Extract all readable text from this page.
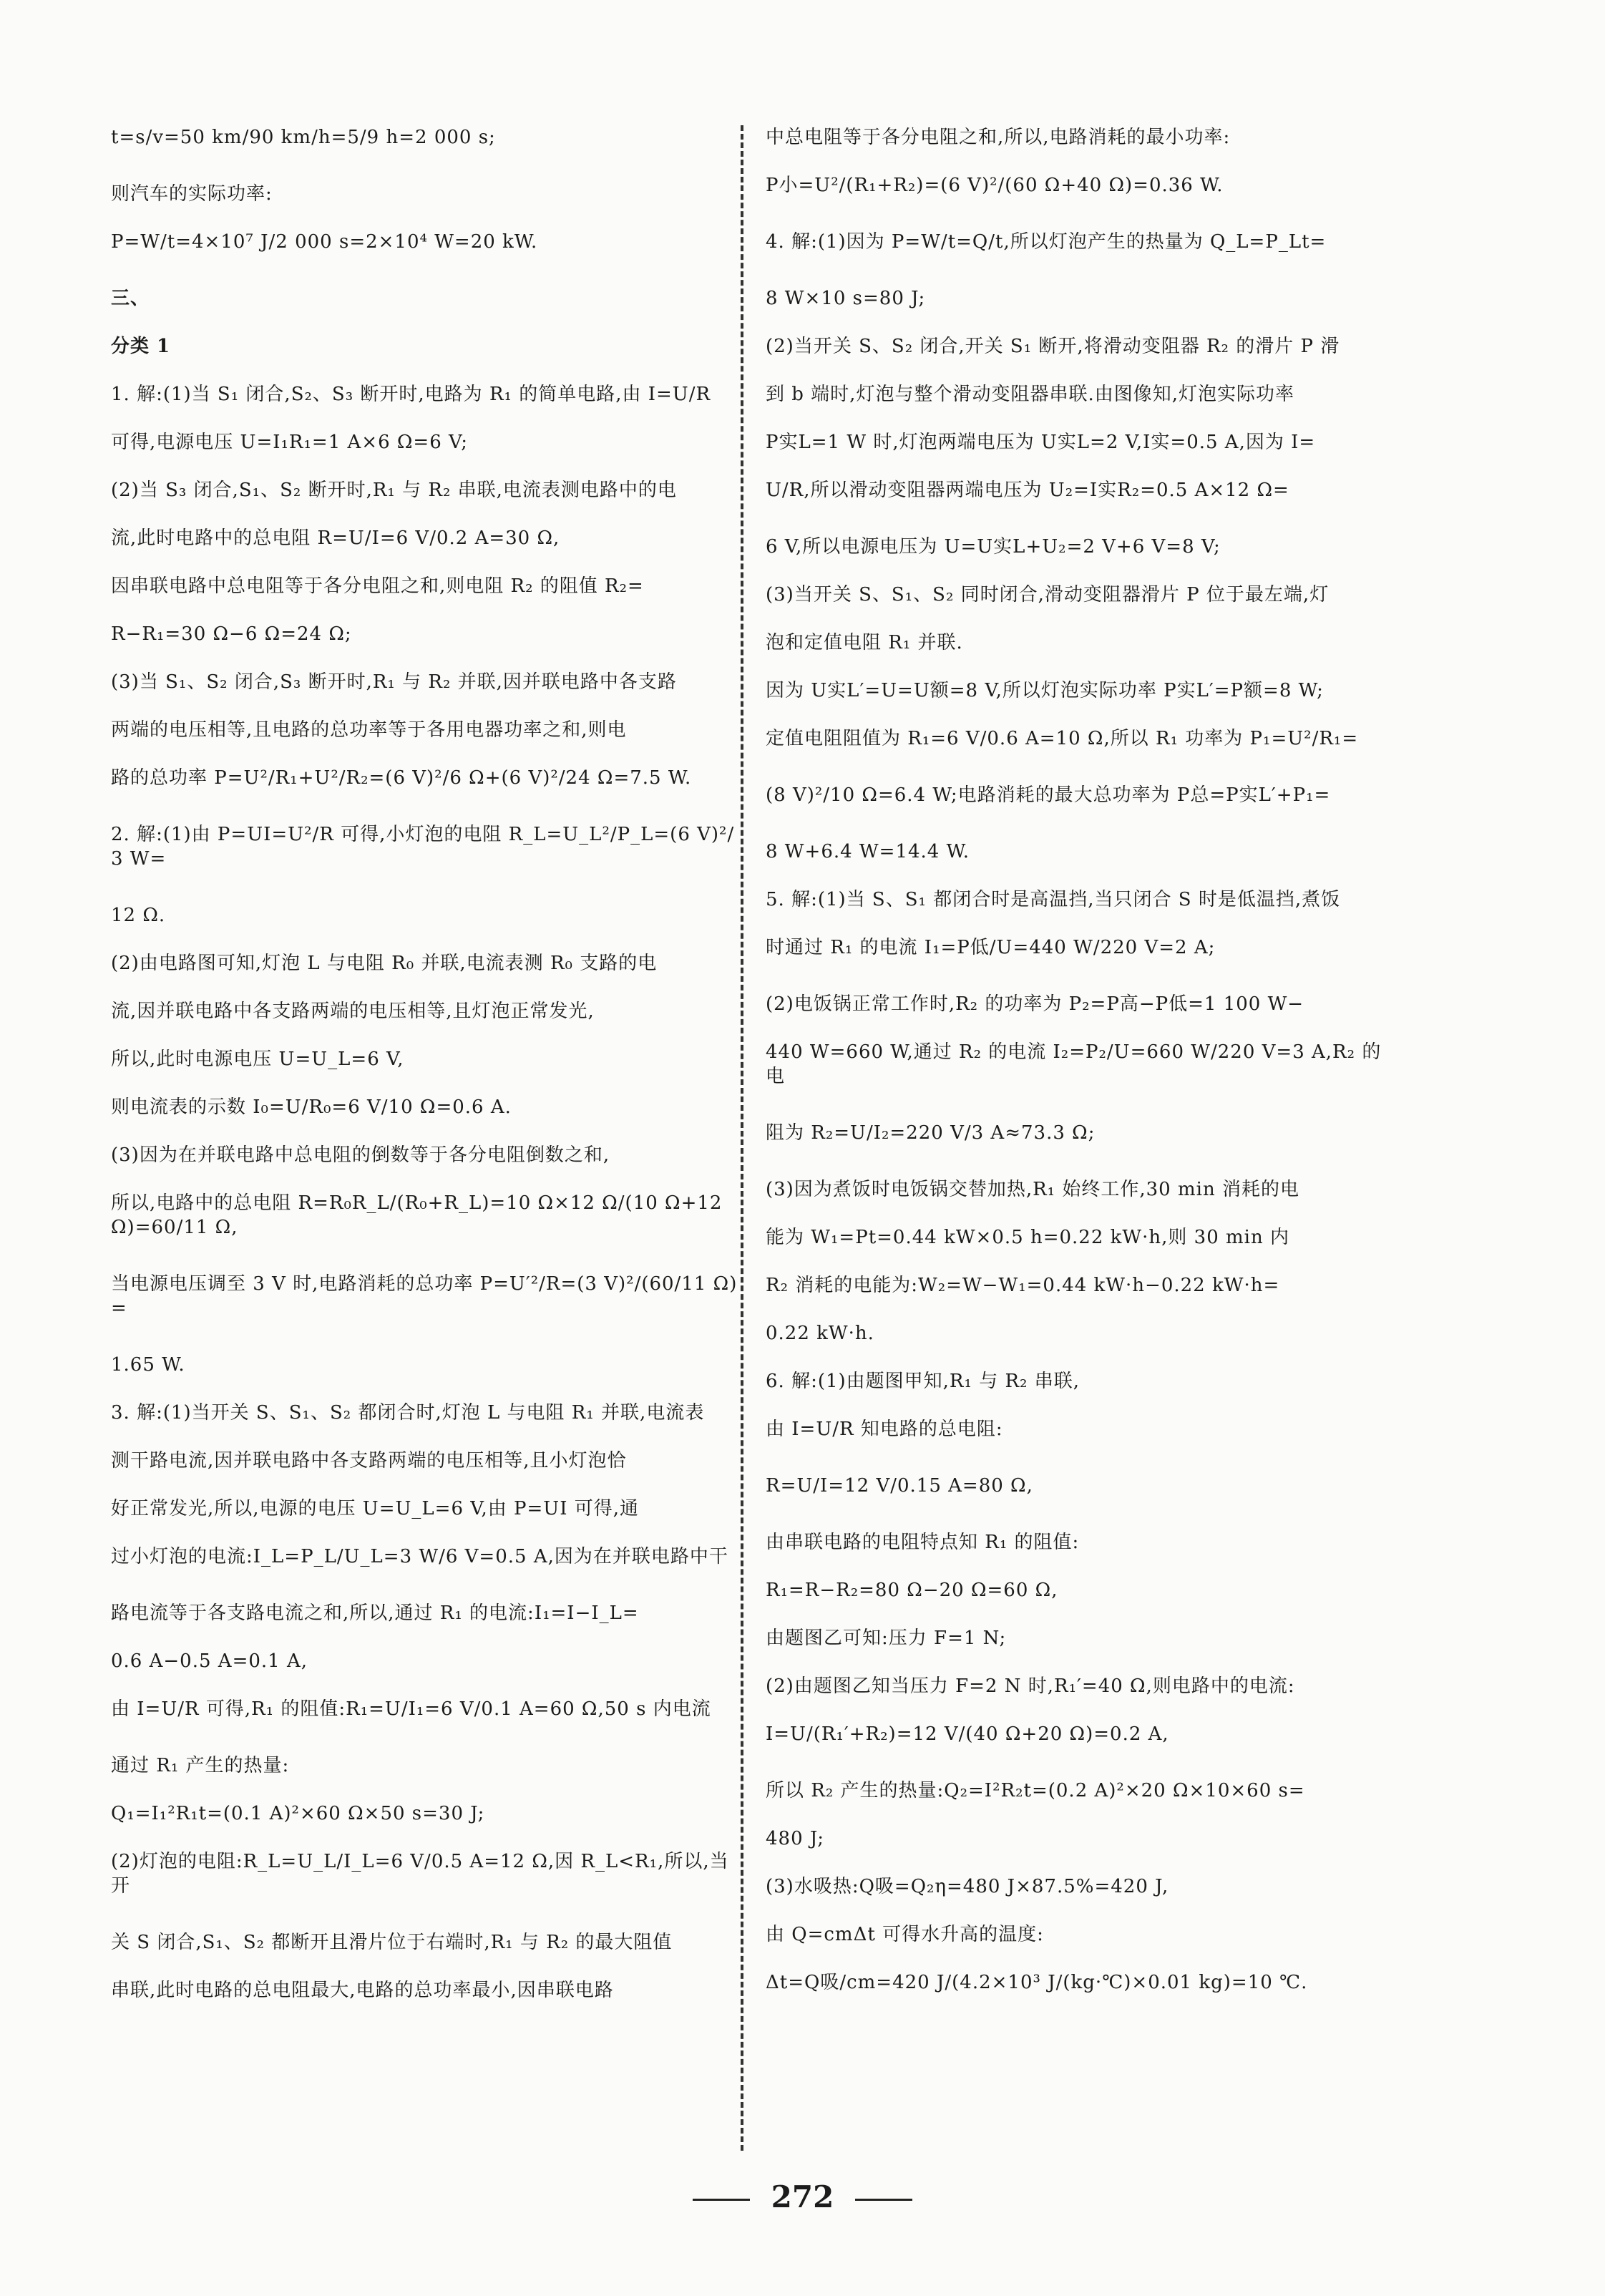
t=s/v=50 km/90 km/h=5/9 h=2 000 s;
则汽车的实际功率:
P=W/t=4×10⁷ J/2 000 s=2×10⁴ W=20 kW.
三、
分类 1
1. 解:(1)当 S₁ 闭合,S₂、S₃ 断开时,电路为 R₁ 的简单电路,由 I=U/R
可得,电源电压 U=I₁R₁=1 A×6 Ω=6 V;
(2)当 S₃ 闭合,S₁、S₂ 断开时,R₁ 与 R₂ 串联,电流表测电路中的电
流,此时电路中的总电阻 R=U/I=6 V/0.2 A=30 Ω,
因串联电路中总电阻等于各分电阻之和,则电阻 R₂ 的阻值 R₂=
R−R₁=30 Ω−6 Ω=24 Ω;
(3)当 S₁、S₂ 闭合,S₃ 断开时,R₁ 与 R₂ 并联,因并联电路中各支路
两端的电压相等,且电路的总功率等于各用电器功率之和,则电
路的总功率 P=U²/R₁+U²/R₂=(6 V)²/6 Ω+(6 V)²/24 Ω=7.5 W.
2. 解:(1)由 P=UI=U²/R 可得,小灯泡的电阻 R_L=U_L²/P_L=(6 V)²/3 W=
12 Ω.
(2)由电路图可知,灯泡 L 与电阻 R₀ 并联,电流表测 R₀ 支路的电
流,因并联电路中各支路两端的电压相等,且灯泡正常发光,
所以,此时电源电压 U=U_L=6 V,
则电流表的示数 I₀=U/R₀=6 V/10 Ω=0.6 A.
(3)因为在并联电路中总电阻的倒数等于各分电阻倒数之和,
所以,电路中的总电阻 R=R₀R_L/(R₀+R_L)=10 Ω×12 Ω/(10 Ω+12 Ω)=60/11 Ω,
当电源电压调至 3 V 时,电路消耗的总功率 P=U′²/R=(3 V)²/(60/11 Ω)=
1.65 W.
3. 解:(1)当开关 S、S₁、S₂ 都闭合时,灯泡 L 与电阻 R₁ 并联,电流表
测干路电流,因并联电路中各支路两端的电压相等,且小灯泡恰
好正常发光,所以,电源的电压 U=U_L=6 V,由 P=UI 可得,通
过小灯泡的电流:I_L=P_L/U_L=3 W/6 V=0.5 A,因为在并联电路中干
路电流等于各支路电流之和,所以,通过 R₁ 的电流:I₁=I−I_L=
0.6 A−0.5 A=0.1 A,
由 I=U/R 可得,R₁ 的阻值:R₁=U/I₁=6 V/0.1 A=60 Ω,50 s 内电流
通过 R₁ 产生的热量:
Q₁=I₁²R₁t=(0.1 A)²×60 Ω×50 s=30 J;
(2)灯泡的电阻:R_L=U_L/I_L=6 V/0.5 A=12 Ω,因 R_L<R₁,所以,当开
关 S 闭合,S₁、S₂ 都断开且滑片位于右端时,R₁ 与 R₂ 的最大阻值
串联,此时电路的总电阻最大,电路的总功率最小,因串联电路
中总电阻等于各分电阻之和,所以,电路消耗的最小功率:
P小=U²/(R₁+R₂)=(6 V)²/(60 Ω+40 Ω)=0.36 W.
4. 解:(1)因为 P=W/t=Q/t,所以灯泡产生的热量为 Q_L=P_Lt=
8 W×10 s=80 J;
(2)当开关 S、S₂ 闭合,开关 S₁ 断开,将滑动变阻器 R₂ 的滑片 P 滑
到 b 端时,灯泡与整个滑动变阻器串联.由图像知,灯泡实际功率
P实L=1 W 时,灯泡两端电压为 U实L=2 V,I实=0.5 A,因为 I=
U/R,所以滑动变阻器两端电压为 U₂=I实R₂=0.5 A×12 Ω=
6 V,所以电源电压为 U=U实L+U₂=2 V+6 V=8 V;
(3)当开关 S、S₁、S₂ 同时闭合,滑动变阻器滑片 P 位于最左端,灯
泡和定值电阻 R₁ 并联.
因为 U实L′=U=U额=8 V,所以灯泡实际功率 P实L′=P额=8 W;
定值电阻阻值为 R₁=6 V/0.6 A=10 Ω,所以 R₁ 功率为 P₁=U²/R₁=
(8 V)²/10 Ω=6.4 W;电路消耗的最大总功率为 P总=P实L′+P₁=
8 W+6.4 W=14.4 W.
5. 解:(1)当 S、S₁ 都闭合时是高温挡,当只闭合 S 时是低温挡,煮饭
时通过 R₁ 的电流 I₁=P低/U=440 W/220 V=2 A;
(2)电饭锅正常工作时,R₂ 的功率为 P₂=P高−P低=1 100 W−
440 W=660 W,通过 R₂ 的电流 I₂=P₂/U=660 W/220 V=3 A,R₂ 的电
阻为 R₂=U/I₂=220 V/3 A≈73.3 Ω;
(3)因为煮饭时电饭锅交替加热,R₁ 始终工作,30 min 消耗的电
能为 W₁=Pt=0.44 kW×0.5 h=0.22 kW·h,则 30 min 内
R₂ 消耗的电能为:W₂=W−W₁=0.44 kW·h−0.22 kW·h=
0.22 kW·h.
6. 解:(1)由题图甲知,R₁ 与 R₂ 串联,
由 I=U/R 知电路的总电阻:
R=U/I=12 V/0.15 A=80 Ω,
由串联电路的电阻特点知 R₁ 的阻值:
R₁=R−R₂=80 Ω−20 Ω=60 Ω,
由题图乙可知:压力 F=1 N;
(2)由题图乙知当压力 F=2 N 时,R₁′=40 Ω,则电路中的电流:
I=U/(R₁′+R₂)=12 V/(40 Ω+20 Ω)=0.2 A,
所以 R₂ 产生的热量:Q₂=I²R₂t=(0.2 A)²×20 Ω×10×60 s=
480 J;
(3)水吸热:Q吸=Q₂η=480 J×87.5%=420 J,
由 Q=cmΔt 可得水升高的温度:
Δt=Q吸/cm=420 J/(4.2×10³ J/(kg·℃)×0.01 kg)=10 ℃.
272
